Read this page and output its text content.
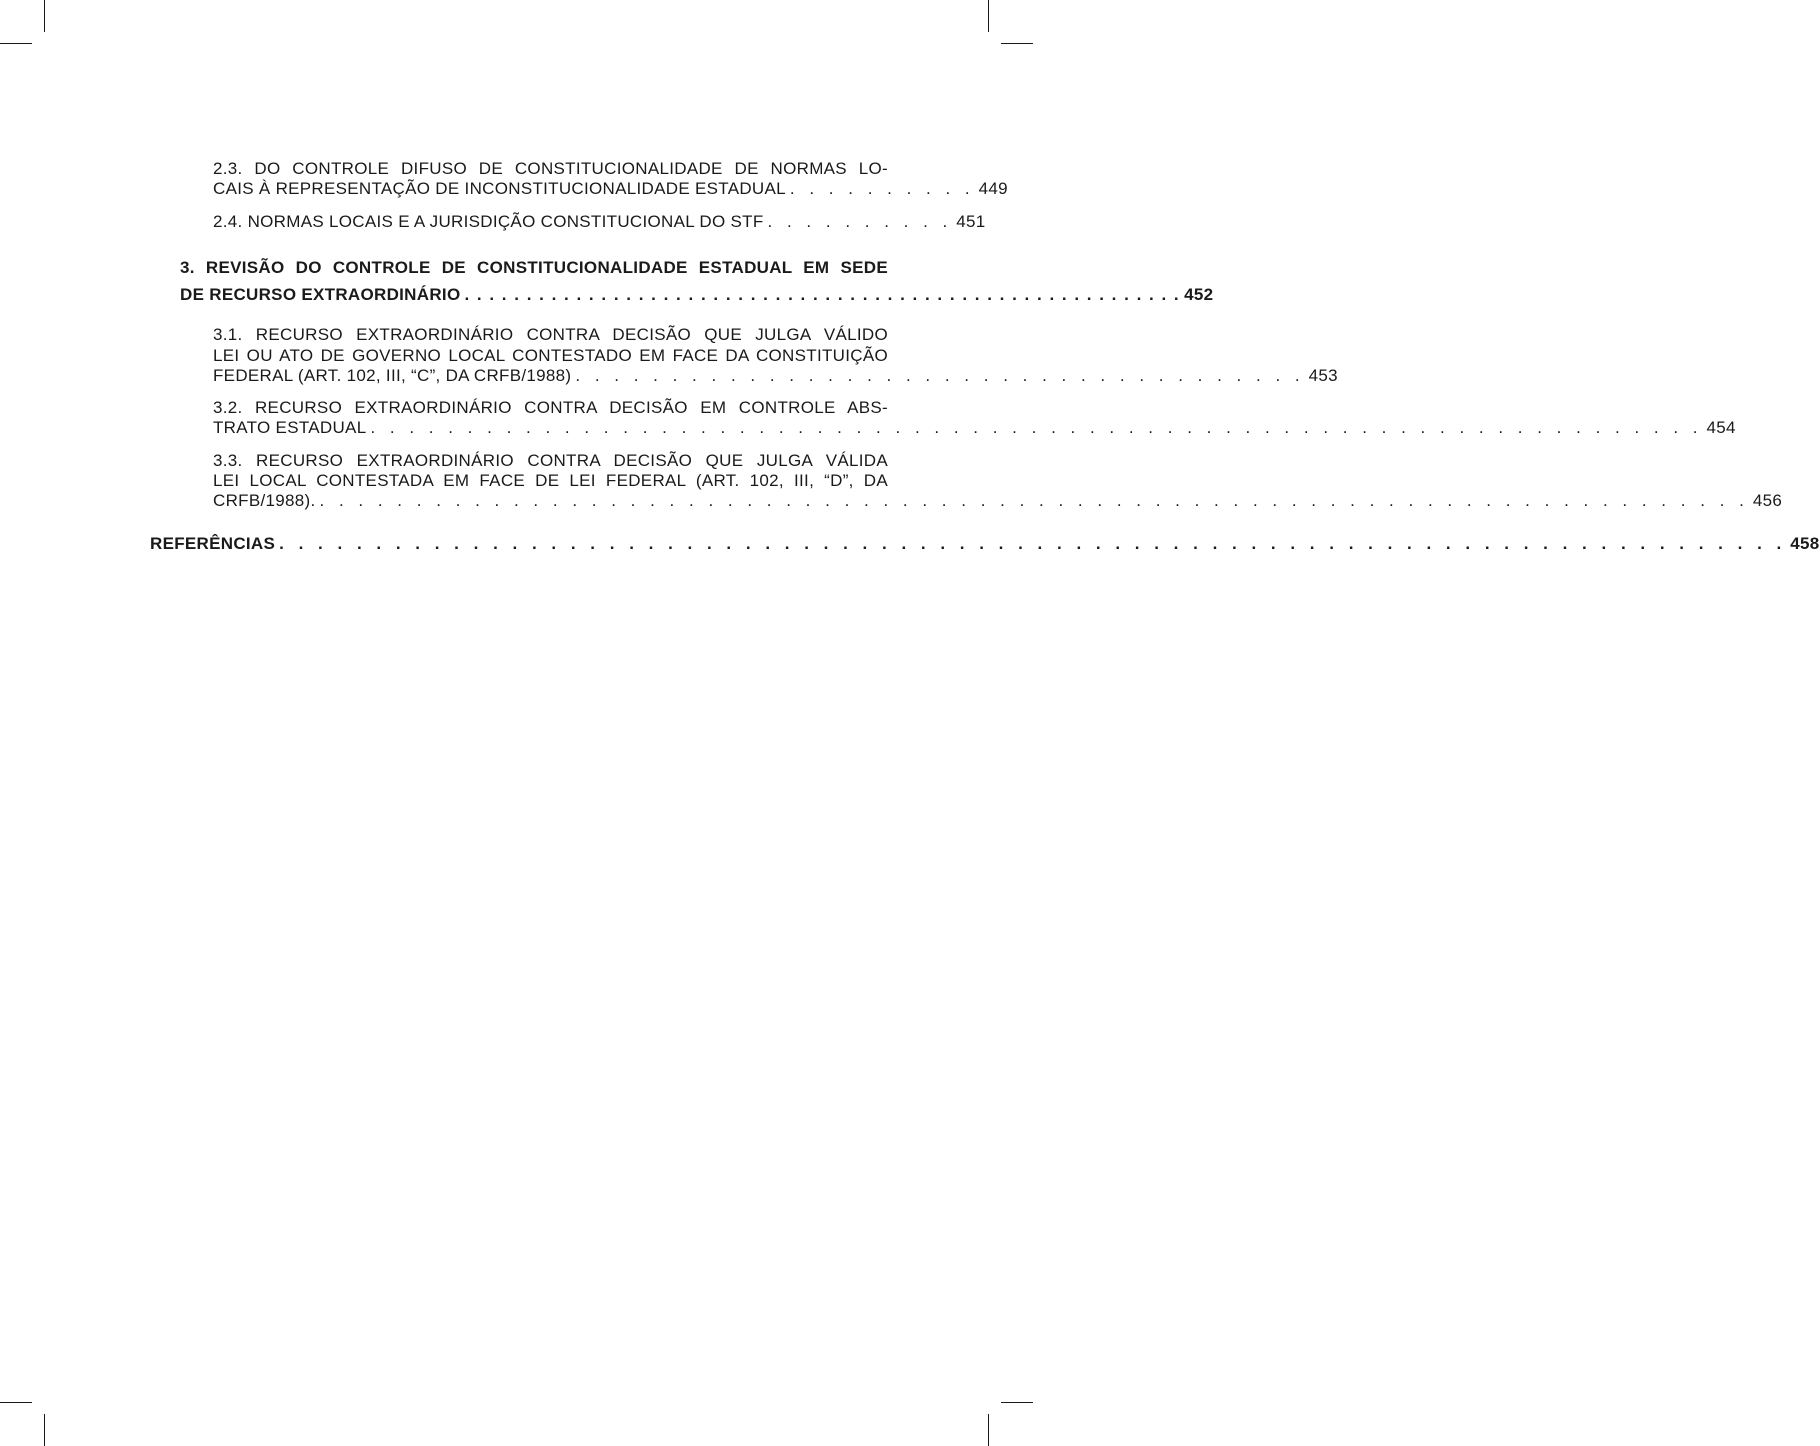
2.3. DO CONTROLE DIFUSO DE CONSTITUCIONALIDADE DE NORMAS LO-
CAIS À REPRESENTAÇÃO DE INCONSTITUCIONALIDADE ESTADUAL . . . . . . . . . . 449
2.4. NORMAS LOCAIS E A JURISDIÇÃO CONSTITUCIONAL DO STF . . . . . . . . . . 451
3. REVISÃO DO CONTROLE DE CONSTITUCIONALIDADE ESTADUAL EM SEDE
DE RECURSO EXTRAORDINÁRIO . . . . . . . . . . . . . . . . . . . . . . . . . . . . . . . . . . . . . . . . . . . . . . . . . . . . . . . . . . 452
3.1. RECURSO EXTRAORDINÁRIO CONTRA DECISÃO QUE JULGA VÁLIDO
LEI OU ATO DE GOVERNO LOCAL CONTESTADO EM FACE DA CONSTITUIÇÃO
FEDERAL (ART. 102, III, “C”, DA CRFB/1988) . . . . . . . . . . . . . . . . . . . . . . . . . . . . . . . . . . . . . . 453
3.2. RECURSO EXTRAORDINÁRIO CONTRA DECISÃO EM CONTROLE ABS-
TRATO ESTADUAL . . . . . . . . . . . . . . . . . . . . . . . . . . . . . . . . . . . . . . . . . . . . . . . . . . . . . . . . . . . . . . . . . . . . . 454
3.3. RECURSO EXTRAORDINÁRIO CONTRA DECISÃO QUE JULGA VÁLIDA
LEI LOCAL CONTESTADA EM FACE DE LEI FEDERAL (ART. 102, III, “D”, DA
CRFB/1988). . . . . . . . . . . . . . . . . . . . . . . . . . . . . . . . . . . . . . . . . . . . . . . . . . . . . . . . . . . . . . . . . . . . . . . . . . . 456
REFERÊNCIAS . . . . . . . . . . . . . . . . . . . . . . . . . . . . . . . . . . . . . . . . . . . . . . . . . . . . . . . . . . . . . . . . . . . . . . . . . . . . . . 458
